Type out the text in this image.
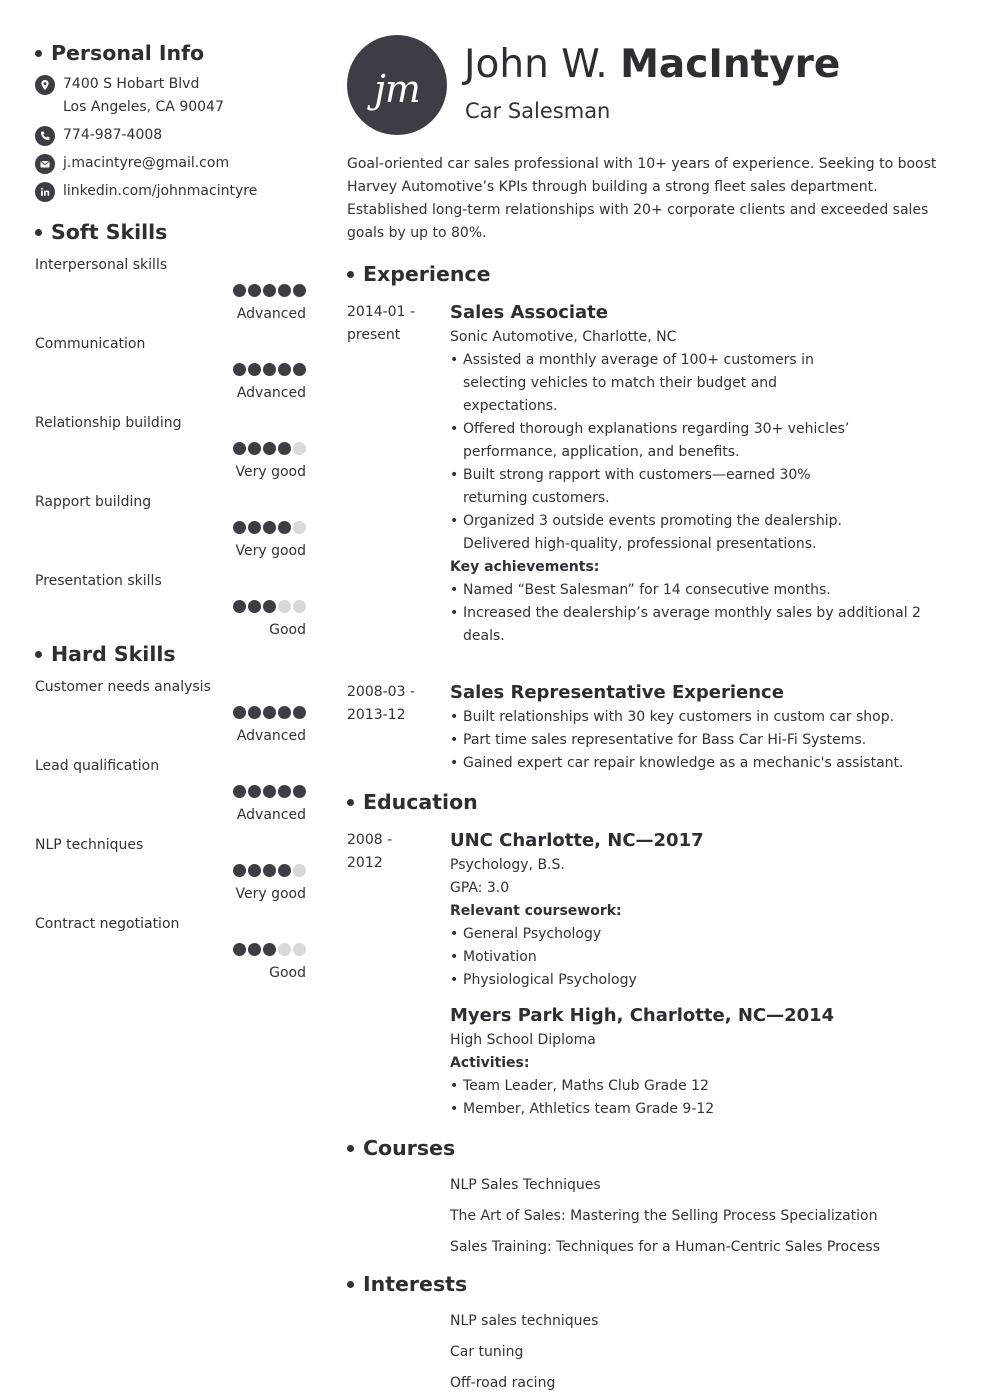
Personal Info
7400 S Hobart Blvd
Los Angeles, CA 90047
774-987-4008
j.macintyre@gmail.com
linkedin.com/johnmacintyre
Soft Skills
Interpersonal skills
Advanced
Communication
Advanced
Relationship building
Very good
Rapport building
Very good
Presentation skills
Good
Hard Skills
Customer needs analysis
Advanced
Lead qualification
Advanced
NLP techniques
Very good
Contract negotiation
Good
jm
John W. MacIntyre
Car Salesman

Goal-oriented car sales professional with 10+ years of experience. Seeking to boost Harvey Automotive’s KPIs through building a strong fleet sales department. Established long-term relationships with 20+ corporate clients and exceeded sales goals by up to 80%.

Experience
2014-01 -
present
Sales Associate
Sonic Automotive, Charlotte, NC
• Assisted a monthly average of 100+ customers in selecting vehicles to match their budget and expectations.
• Offered thorough explanations regarding 30+ vehicles’ performance, application, and benefits.
• Built strong rapport with customers—earned 30% returning customers.
• Organized 3 outside events promoting the dealership. Delivered high-quality, professional presentations.
Key achievements:
• Named “Best Salesman” for 14 consecutive months.
• Increased the dealership’s average monthly sales by additional 2 deals.
2008-03 -
2013-12
Sales Representative Experience
• Built relationships with 30 key customers in custom car shop.
• Part time sales representative for Bass Car Hi-Fi Systems.
• Gained expert car repair knowledge as a mechanic's assistant.
Education
2008 -
2012
UNC Charlotte, NC—2017
Psychology, B.S.
GPA: 3.0
Relevant coursework:
• General Psychology
• Motivation
• Physiological Psychology
Myers Park High, Charlotte, NC—2014
High School Diploma
Activities:
• Team Leader, Maths Club Grade 12
• Member, Athletics team Grade 9-12
Courses
NLP Sales Techniques
The Art of Sales: Mastering the Selling Process Specialization
Sales Training: Techniques for a Human-Centric Sales Process
Interests
NLP sales techniques
Car tuning
Off-road racing
